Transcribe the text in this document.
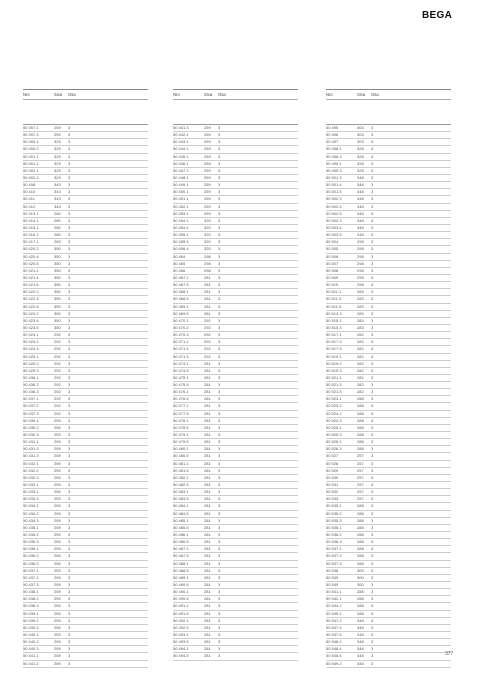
BEGA
Nro	Siva Osa
50 397.2	259 3
50 397.3	259 3
50 400.1	329 3
50 400.2	329 3
50 401.1	329 3
50 401.2	329 3
50 402.1	329 3
50 402.2	329 3
50 408	343 3
50 410	343 3
50 411	343 3
50 412	343 3
50 413.1	280 3
50 414.1	280 3
50 415.1	280 3
50 416.1	280 3
50 417.1	283 3
50 420.2	350 3
50 420.4	350 3
50 420.6	350 3
50 421.2	350 3
50 421.4	350 3
50 421.6	350 3
50 422.2	350 3
50 422.4	350 3
50 422.6	350 3
50 423.2	350 3
50 423.4	350 3
50 423.6	350 3
50 424.1	292 3
50 424.2	292 3
50 424.3	292 3
50 425.1	292 3
50 425.2	292 3
50 425.3	292 3
50 436.1	292 3
50 436.2	292 3
50 436.3	292 3
50 437.1	292 3
50 437.2	292 3
50 437.3	292 3
50 430.1	259 3
50 430.2	259 3
50 430.3	259 3
50 431.1	259 3
50 431.2	259 3
50 431.3	259 3
50 432.1	259 3
50 432.2	259 3
50 432.3	259 3
50 433.1	259 3
50 433.2	259 3
50 433.3	259 3
50 434.1	259 3
50 434.2	259 3
50 434.3	259 3
50 435.1	259 3
50 435.2	259 3
50 435.3	259 3
50 436.1	259 3
50 436.2	259 3
50 436.3	259 3
50 437.1	259 3
50 437.2	259 3
50 437.3	259 3
50 438.1	259 3
50 438.2	259 3
50 438.3	259 3
50 439.1	259 3
50 439.2	259 3
50 439.3	259 3
50 440.1	259 3
50 440.2	259 3
50 440.3	259 3
50 441.1	259 3
50 441.2	259 3
Nro	Siva Osa
50 441.3	259 3
50 442.1	259 3
50 443.1	259 3
50 444.1	259 3
50 445.1	259 3
50 446.1	259 3
50 447.1	259 3
50 448.1	259 3
50 449.1	259 3
50 450.1	259 3
50 451.1	259 3
50 452.1	259 3
50 453.1	259 3
50 454.1	320 3
50 454.4	320 3
50 455.1	320 3
50 455.4	320 3
50 456.4	320 3
50 464	298 3
50 465	298 3
50 466	298 3
50 467.1	281 3
50 467.5	281 3
50 468.1	281 3
50 468.5	281 3
50 469.1	281 3
50 469.5	281 3
50 470.1	292 3
50 470.2	292 3
50 470.3	292 3
50 471.1	292 3
50 471.2	292 3
50 471.3	292 3
50 474.1	281 3
50 474.5	281 3
50 475.1	281 3
50 475.5	281 3
50 476.1	281 3
50 476.5	281 3
50 477.1	281 3
50 477.5	281 3
50 478.1	281 3
50 478.5	281 3
50 479.1	281 3
50 479.5	281 3
50 480.1	281 3
50 480.5	281 3
50 481.1	281 3
50 481.5	281 3
50 482.1	281 3
50 482.5	281 3
50 483.1	281 3
50 483.5	281 3
50 484.1	281 3
50 484.5	281 3
50 485.1	281 3
50 485.5	281 3
50 486.1	281 3
50 486.5	281 3
50 487.1	281 3
50 487.5	281 3
50 488.1	281 3
50 488.5	281 3
50 489.1	281 3
50 489.5	281 3
50 490.1	281 3
50 490.5	281 3
50 491.1	281 3
50 491.5	281 3
50 492.1	281 3
50 492.5	281 3
50 493.1	281 3
50 493.5	281 3
50 494.1	281 3
50 494.5	281 3
Nro	Siva Osa
50 495	303 3
50 496	303 3
50 497	303 3
50 498.1	328 3
50 498.3	328 3
50 499.1	328 3
50 499.3	328 3
50 501.3	348 3
50 501.4	348 3
50 501.5	348 3
50 502.3	348 3
50 502.4	348 3
50 502.5	348 3
50 503.3	348 3
50 503.4	348 3
50 503.5	348 3
50 504	298 3
50 505	298 3
50 506	298 3
50 507	298 3
50 508	298 3
50 509	298 3
50 510	298 3
50 511.1	283 3
50 511.3	283 3
50 511.5	283 3
50 513.3	283 3
50 515.1	283 3
50 515.3	283 3
50 517.1	282 3
50 517.3	282 3
50 517.5	282 3
50 519.1	282 3
50 519.2	282 3
50 519.3	282 3
50 521.1	282 3
50 521.3	282 3
50 521.5	282 3
50 523.1	288 3
50 523.2	288 3
50 524.1	288 3
50 524.3	288 3
50 525.1	288 3
50 525.3	288 3
50 526.1	288 3
50 526.3	288 3
50 527	257 3
50 528	257 3
50 529	257 3
50 530	257 3
50 531	257 3
50 532	257 3
50 533	257 3
50 535.1	288 3
50 535.2	288 3
50 535.3	288 3
50 536.1	288 3
50 536.2	288 3
50 536.3	288 3
50 537.1	288 3
50 537.2	288 3
50 537.3	288 3
50 538	300 3
50 539	300 3
50 540	300 3
50 541.1	288 3
50 542.1	288 3
50 544.1	288 3
50 545.1	288 3
50 547.2	348 3
50 547.4	348 3
50 547.6	348 3
50 548.2	348 3
50 548.4	348 3
50 548.6	348 3
50 549.2	348 3
377
